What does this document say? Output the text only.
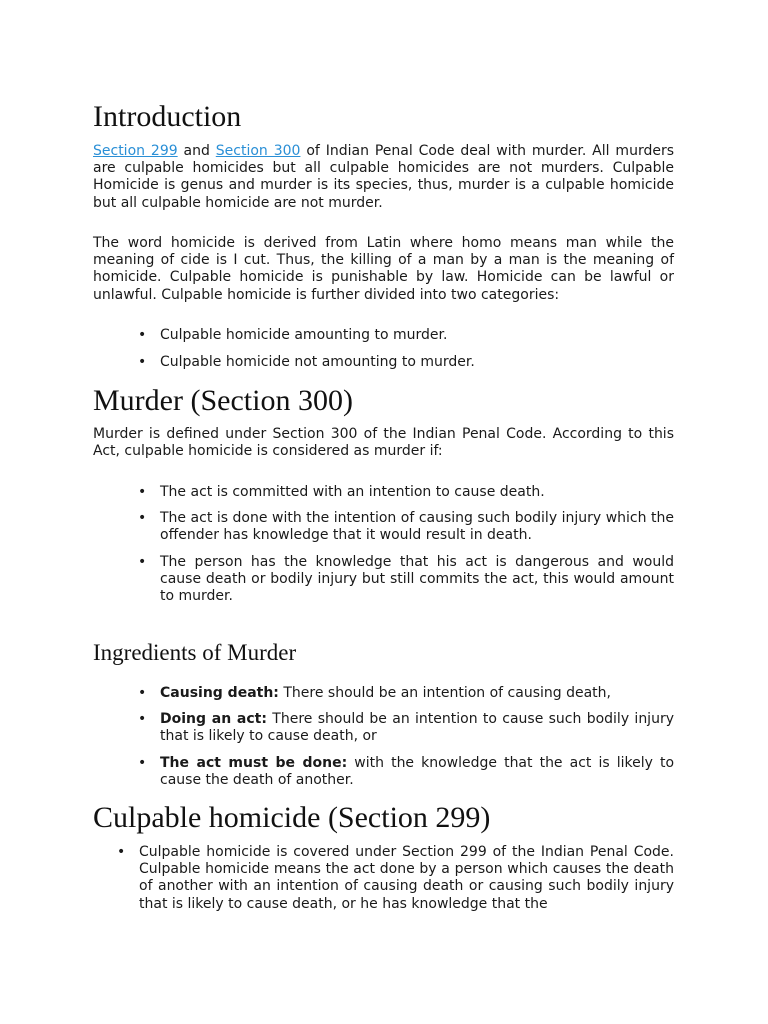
Introduction

Section 299 and Section 300 of Indian Penal Code deal with murder. All murders are culpable homicides but all culpable homicides are not murders. Culpable Homicide is genus and murder is its species, thus, murder is a culpable homicide but all culpable homicide are not murder.

The word homicide is derived from Latin where homo means man while the meaning of cide is I cut. Thus, the killing of a man by a man is the meaning of homicide. Culpable homicide is punishable by law. Homicide can be lawful or unlawful. Culpable homicide is further divided into two categories:

• Culpable homicide amounting to murder.
• Culpable homicide not amounting to murder.
Murder (Section 300)

Murder is defined under Section 300 of the Indian Penal Code. According to this Act, culpable homicide is considered as murder if:

• The act is committed with an intention to cause death.
• The act is done with the intention of causing such bodily injury which the offender has knowledge that it would result in death.
• The person has the knowledge that his act is dangerous and would cause death or bodily injury but still commits the act, this would amount to murder.
Ingredients of Murder
• Causing death: There should be an intention of causing death,
• Doing an act: There should be an intention to cause such bodily injury that is likely to cause death, or
• The act must be done: with the knowledge that the act is likely to cause the death of another.
Culpable homicide (Section 299)
• Culpable homicide is covered under Section 299 of the Indian Penal Code. Culpable homicide means the act done by a person which causes the death of another with an intention of causing death or causing such bodily injury that is likely to cause death, or he has knowledge that the
